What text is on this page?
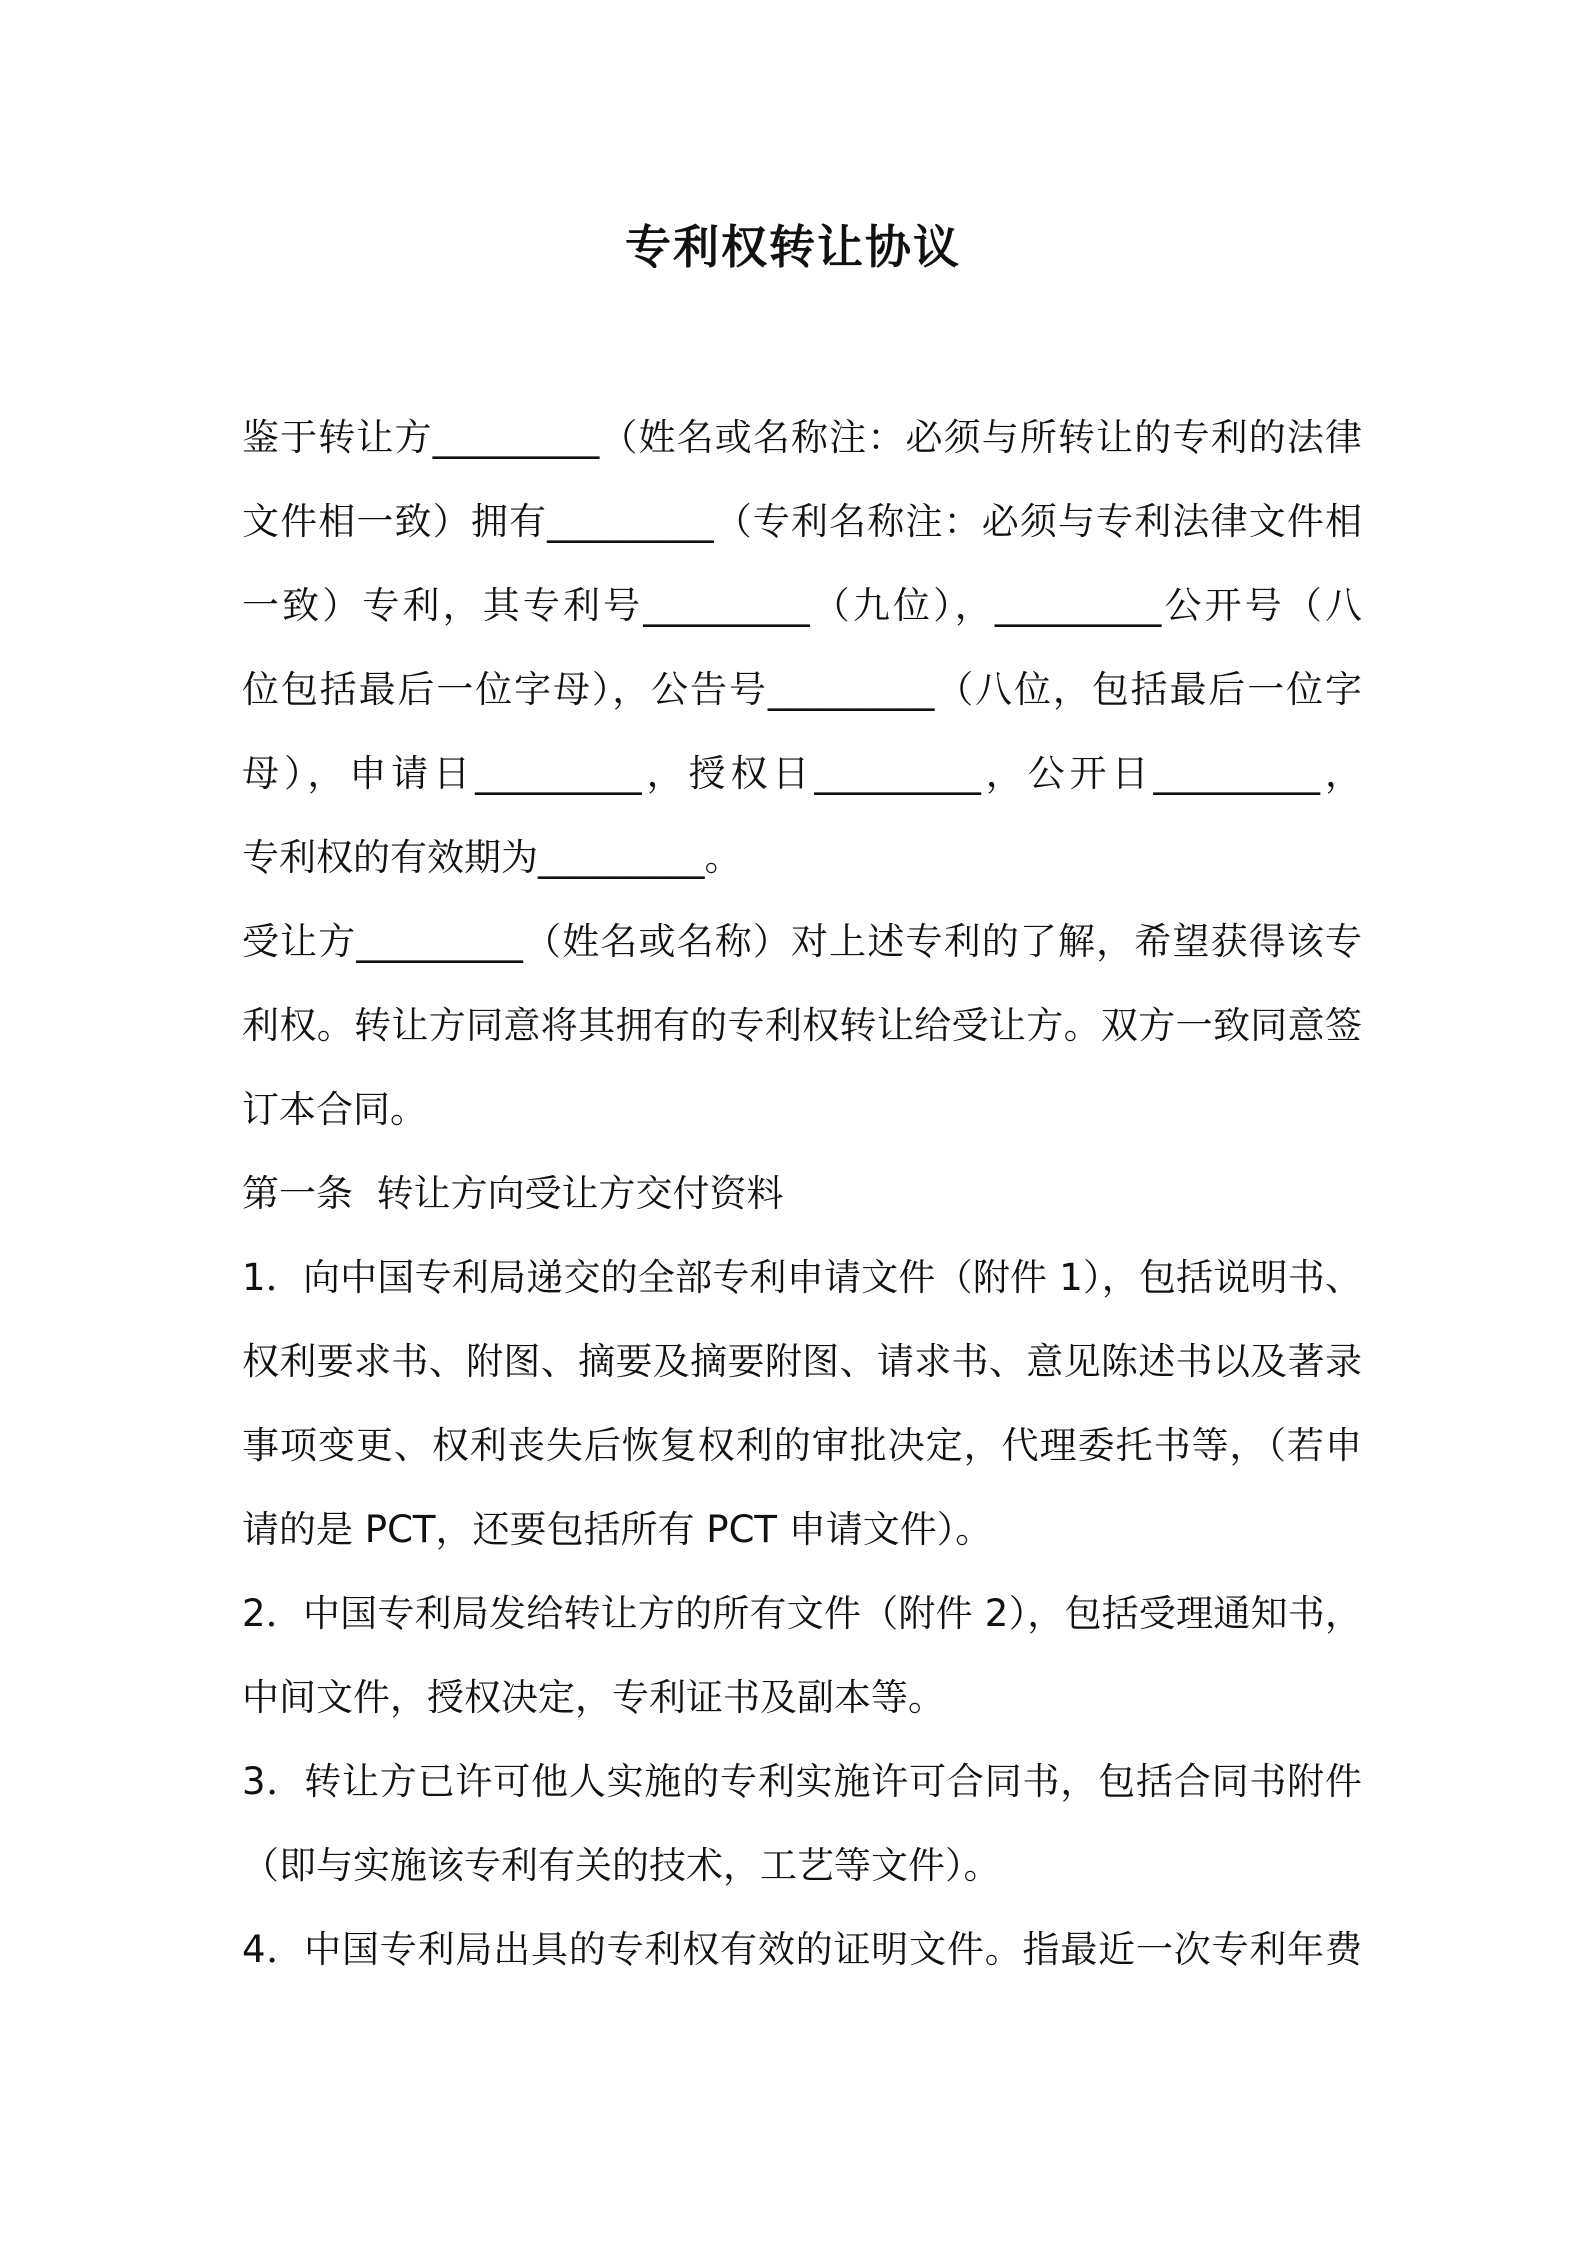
专利权转让协议
鉴于转让方_________（姓名或名称注：必须与所转让的专利的法律
文件相一致）拥有_________（专利名称注：必须与专利法律文件相
一致）专利，其专利号_________（九位），_________公开号（八
位包括最后一位字母），公告号_________（八位，包括最后一位字
母），申请日_________，授权日_________，公开日_________，
专利权的有效期为_________。
受让方_________（姓名或名称）对上述专利的了解，希望获得该专
利权。转让方同意将其拥有的专利权转让给受让方。双方一致同意签
订本合同。
第一条  转让方向受让方交付资料
1．向中国专利局递交的全部专利申请文件（附件 1），包括说明书、
权利要求书、附图、摘要及摘要附图、请求书、意见陈述书以及著录
事项变更、权利丧失后恢复权利的审批决定，代理委托书等，（若申
请的是 PCT，还要包括所有 PCT 申请文件）。
2．中国专利局发给转让方的所有文件（附件 2），包括受理通知书，
中间文件，授权决定，专利证书及副本等。
3．转让方已许可他人实施的专利实施许可合同书，包括合同书附件
（即与实施该专利有关的技术，工艺等文件）。
4．中国专利局出具的专利权有效的证明文件。指最近一次专利年费
